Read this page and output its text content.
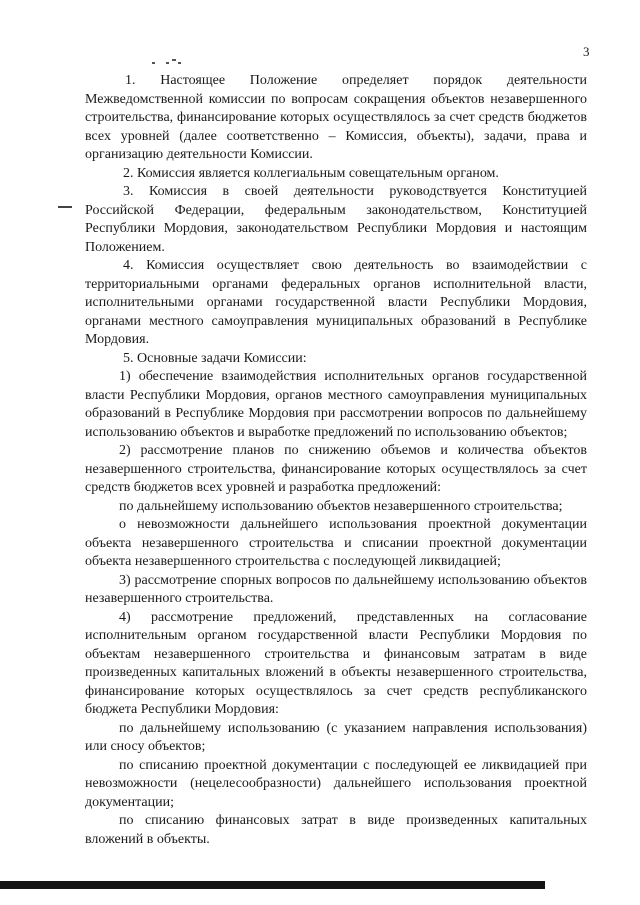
3

1. Настоящее Положение определяет порядок деятельности Межведомственной комиссии по вопросам сокращения объектов незавершенного строительства, финансирование которых осуществлялось за счет средств бюджетов всех уровней (далее соответственно – Комиссия, объекты), задачи, права и организацию деятельности Комиссии.

2. Комиссия является коллегиальным совещательным органом.

3. Комиссия в своей деятельности руководствуется Конституцией Российской Федерации, федеральным законодательством, Конституцией Республики Мордовия, законодательством Республики Мордовия и настоящим Положением.

4. Комиссия осуществляет свою деятельность во взаимодействии с территориальными органами федеральных органов исполнительной власти, исполнительными органами государственной власти Республики Мордовия, органами местного самоуправления муниципальных образований в Республике Мордовия.

5. Основные задачи Комиссии:

1) обеспечение взаимодействия исполнительных органов государственной власти Республики Мордовия, органов местного самоуправления муниципальных образований в Республике Мордовия при рассмотрении вопросов по дальнейшему использованию объектов и выработке предложений по использованию объектов;

2) рассмотрение планов по снижению объемов и количества объектов незавершенного строительства, финансирование которых осуществлялось за счет средств бюджетов всех уровней и разработка предложений:

по дальнейшему использованию объектов незавершенного строительства;

о невозможности дальнейшего использования проектной документации объекта незавершенного строительства и списании проектной документации объекта незавершенного строительства с последующей ликвидацией;

3) рассмотрение спорных вопросов по дальнейшему использованию объектов незавершенного строительства.

4) рассмотрение предложений, представленных на согласование исполнительным органом государственной власти Республики Мордовия по объектам незавершенного строительства и финансовым затратам в виде произведенных капитальных вложений в объекты незавершенного строительства, финансирование которых осуществлялось за счет средств республиканского бюджета Республики Мордовия:

по дальнейшему использованию (с указанием направления использования) или сносу объектов;

по списанию проектной документации с последующей ее ликвидацией при невозможности (нецелесообразности) дальнейшего использования проектной документации;

по списанию финансовых затрат в виде произведенных капитальных вложений в объекты.
